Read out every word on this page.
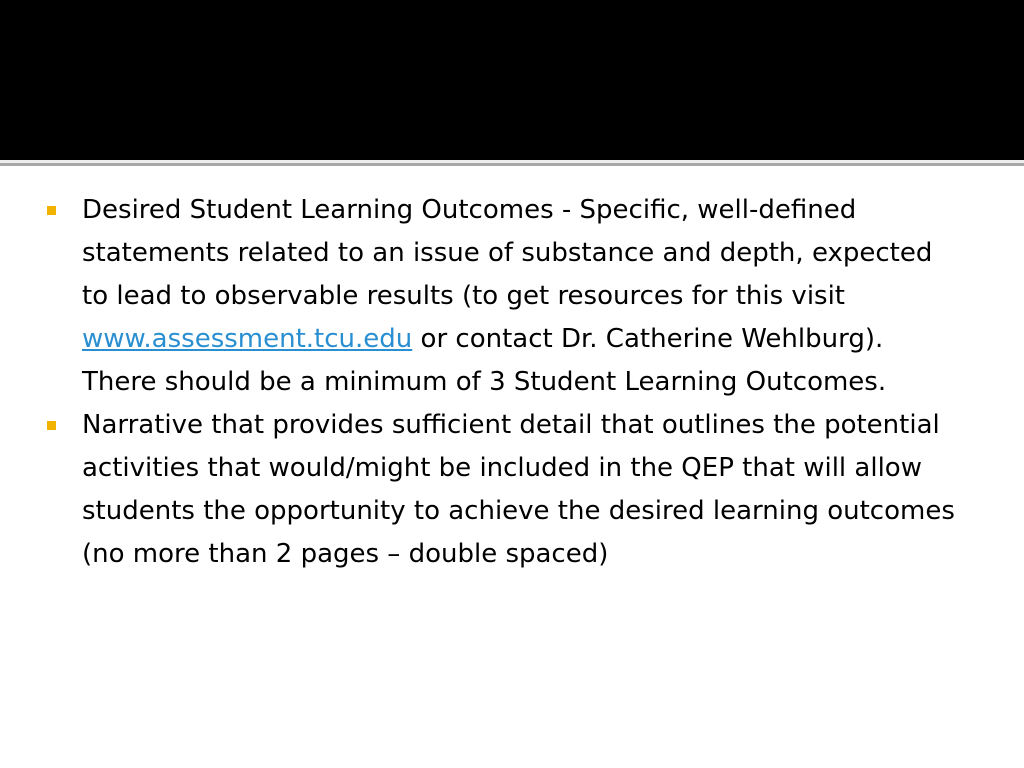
Desired Student Learning Outcomes - Specific, well-defined statements related to an issue of substance and depth, expected to lead to observable results (to get resources for this visit www.assessment.tcu.edu or contact Dr. Catherine Wehlburg). There should be a minimum of 3 Student Learning Outcomes.
Narrative that provides sufficient detail that outlines the potential activities that would/might be included in the QEP that will allow students the opportunity to achieve the desired learning outcomes (no more than 2 pages – double spaced)
